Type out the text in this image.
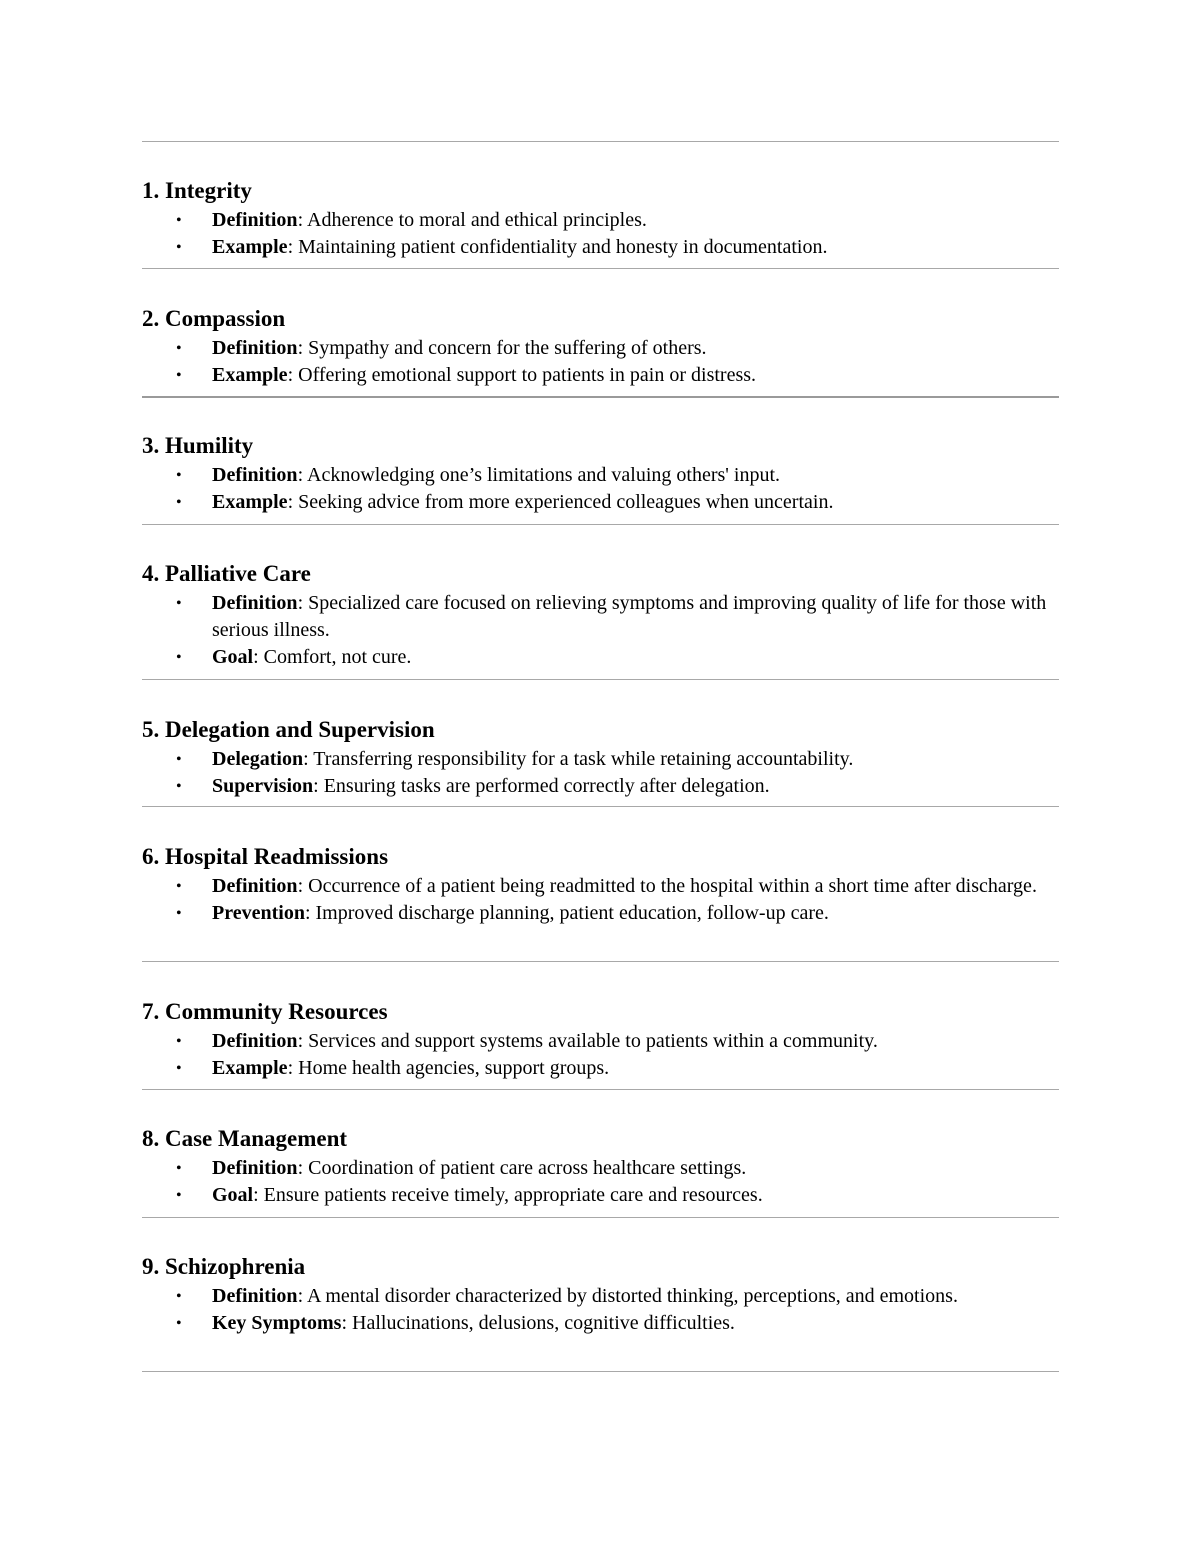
1. Integrity
• Definition: Adherence to moral and ethical principles.
• Example: Maintaining patient confidentiality and honesty in documentation.
2. Compassion
• Definition: Sympathy and concern for the suffering of others.
• Example: Offering emotional support to patients in pain or distress.
3. Humility
• Definition: Acknowledging one’s limitations and valuing others' input.
• Example: Seeking advice from more experienced colleagues when uncertain.
4. Palliative Care
• Definition: Specialized care focused on relieving symptoms and improving quality of life for those with serious illness.
• Goal: Comfort, not cure.
5. Delegation and Supervision
• Delegation: Transferring responsibility for a task while retaining accountability.
• Supervision: Ensuring tasks are performed correctly after delegation.
6. Hospital Readmissions
• Definition: Occurrence of a patient being readmitted to the hospital within a short time after discharge.
• Prevention: Improved discharge planning, patient education, follow-up care.
7. Community Resources
• Definition: Services and support systems available to patients within a community.
• Example: Home health agencies, support groups.
8. Case Management
• Definition: Coordination of patient care across healthcare settings.
• Goal: Ensure patients receive timely, appropriate care and resources.
9. Schizophrenia
• Definition: A mental disorder characterized by distorted thinking, perceptions, and emotions.
• Key Symptoms: Hallucinations, delusions, cognitive difficulties.
